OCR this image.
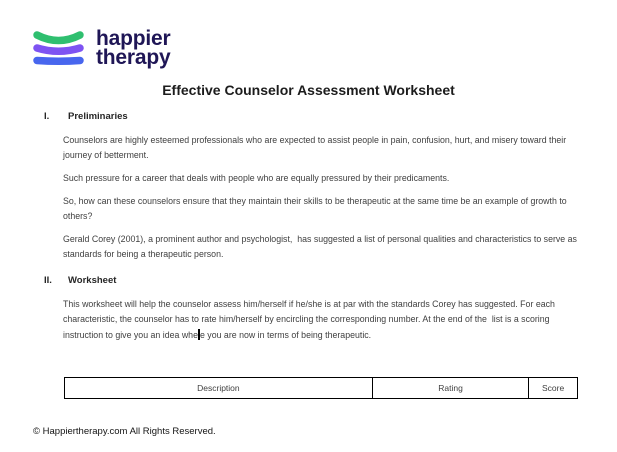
happier
therapy
Effective Counselor Assessment Worksheet
I.	Preliminaries

Counselors are highly esteemed professionals who are expected to assist people in pain, confusion, hurt, and misery toward their journey of betterment.

Such pressure for a career that deals with people who are equally pressured by their predicaments.

So, how can these counselors ensure that they maintain their skills to be therapeutic at the same time be an example of growth to others?

Gerald Corey (2001), a prominent author and psychologist,  has suggested a list of personal qualities and characteristics to serve as standards for being a therapeutic person.

II.	Worksheet

This worksheet will help the counselor assess him/herself if he/she is at par with the standards Corey has suggested. For each characteristic, the counselor has to rate him/herself by encircling the corresponding number. At the end of the  list is a scoring instruction to give you an idea whe e you are now in terms of being therapeutic.

Description	Rating	Score
© Happiertherapy.com All Rights Reserved.
